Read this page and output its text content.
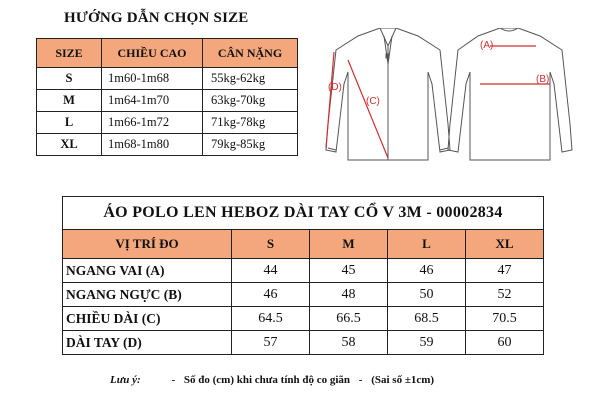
HƯỚNG DẪN CHỌN SIZE
SIZE	CHIỀU CAO	CÂN NẶNG
S	1m60-1m68	55kg-62kg
M	1m64-1m70	63kg-70kg
L	1m66-1m72	71kg-78kg
XL	1m68-1m80	79kg-85kg
(D)
(C)
(A)
(B)
ÁO POLO LEN HEBOZ DÀI TAY CỔ V 3M - 00002834				
VỊ TRÍ ĐO	S	M	L	XL
NGANG VAI (A)	44	45	46	47
NGANG NGỰC (B)	46	48	50	52
CHIỀU DÀI (C)	64.5	66.5	68.5	70.5
DÀI TAY (D)	57	58	59	60
Lưu ý:	- Số đo (cm) khi chưa tính độ co giãn - (Sai số ±1cm)
